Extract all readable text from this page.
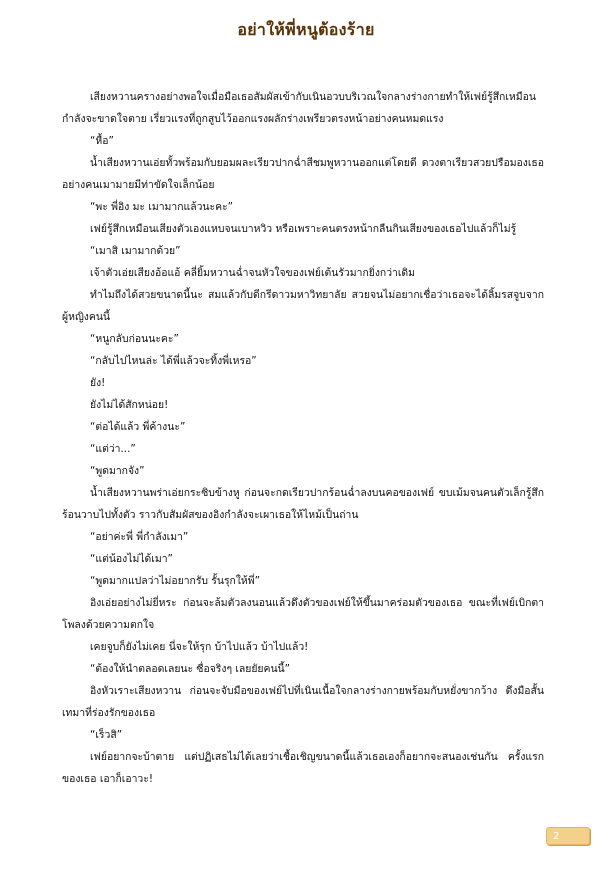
อย่าให้พี่หนูต้องร้าย

เสียงหวานครางอย่างพอใจเมื่อมือเธอสัมผัสเข้ากับเนินอวบบริเวณใจกลางร่างกายทำให้เฟย์รู้สึกเหมือนกำลังจะขาดใจตาย เรี่ยวแรงที่ถูกสูบไว้ออกแรงผลักร่างเพรียวตรงหน้าอย่างคนหมดแรง

“หื้อ”

น้ำเสียงหวานเอ่ยทั้วพร้อมกับยอมผละเรียวปากฉ่ำสีชมพูหวานออกแต่โดยดี ดวงตาเรียวสวยปรือมองเธออย่างคนเมามายมีท่าขัดใจเล็กน้อย

“พะ พี่อิง มะ เมามากแล้วนะคะ”

เฟย์รู้สึกเหมือนเสียงตัวเองแหบจนเบาหวิว หรือเพราะคนตรงหน้ากลืนกินเสียงของเธอไปแล้วก็ไม่รู้

“เมาสิ เมามากด้วย”

เจ้าตัวเอ่ยเสียงอ้อแอ้ คลี่ยิ้มหวานฉ่ำจนหัวใจของเฟย์เต้นรัวมากยิ่งกว่าเดิม

ทำไมถึงได้สวยขนาดนี้นะ สมแล้วกับดีกรีดาวมหาวิทยาลัย สวยจนไม่อยากเชื่อว่าเธอจะได้ลิ้มรสจูบจากผู้หญิงคนนี้

“หนูกลับก่อนนะคะ”

“กลับไปไหนล่ะ ได้พี่แล้วจะทิ้งพี่เหรอ”

ยัง!

ยังไม่ได้สักหน่อย!

“ต่อได้แล้ว พี่ค้างนะ”

“แต่ว่า...”

“พูดมากจัง”

น้ำเสียงหวานพร่าเอ่ยกระซิบข้างหู ก่อนจะกดเรียวปากร้อนฉ่ำลงบนคอของเฟย์ ขบเม้มจนคนตัวเล็กรู้สึกร้อนวาบไปทั้งตัว ราวกับสัมผัสของอิงกำลังจะเผาเธอให้ไหม้เป็นถ่าน

“อย่าค่ะพี่ พี่กำลังเมา”

“แต่น้องไม่ได้เมา”

“พูดมากแปลว่าไม่อยากรับ รั้นรุกให้พี่”

อิงเอ่ยอย่างไม่ยี่หระ ก่อนจะล้มตัวลงนอนแล้วดึงตัวของเฟย์ให้ขึ้นมาคร่อมตัวของเธอ ขณะที่เฟย์เบิกตาโพลงด้วยความตกใจ

เคยจูบก็ยังไม่เคย นี่จะให้รุก บ้าไปแล้ว บ้าไปแล้ว!

“ต้องให้นำตลอดเลยนะ ซื่อจริงๆ เลยยัยคนนี้”

อิงหัวเราะเสียงหวาน ก่อนจะจับมือของเฟย์ไปที่เนินเนื้อใจกลางร่างกายพร้อมกับหยั่งขากว้าง ดึงมือสั้นเทมาที่ร่องรักของเธอ

“เร็วสิ”

เฟย์อยากจะบ้าตาย แต่ปฏิเสธไม่ได้เลยว่าเชื้อเชิญขนาดนี้แล้วเธอเองก็อยากจะสนองเช่นกัน ครั้งแรกของเธอ เอาก็เอาวะ!

2
